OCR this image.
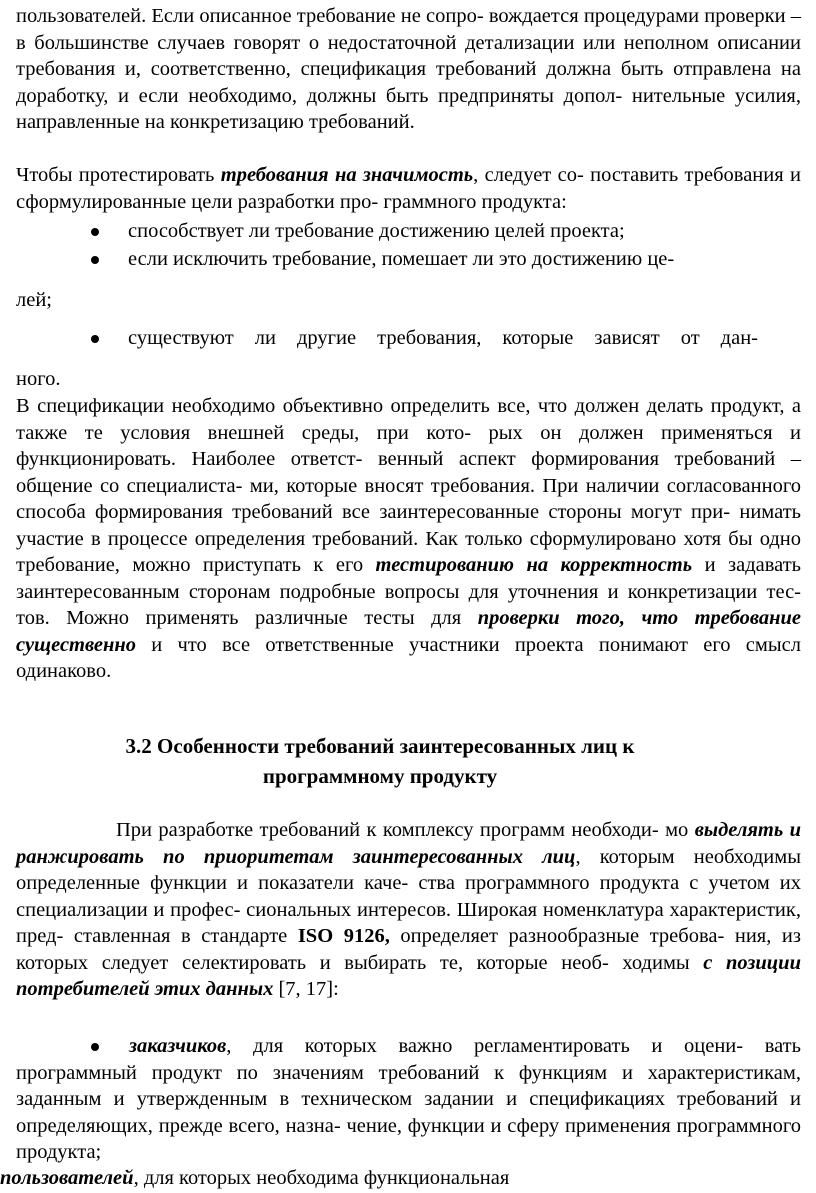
пользователей. Если описанное требование не сопро- вождается процедурами проверки – в большинстве случаев говорят о недостаточной детализации или неполном описании требования и, соответственно, спецификация требований должна быть отправлена на доработку, и если необходимо, должны быть предприняты допол- нительные усилия, направленные на конкретизацию требований.

Чтобы протестировать требования на значимость, следует со- поставить требования и сформулированные цели разработки про- граммного продукта:

способствует ли требование достижению целей проекта;
если исключить требование, помешает ли это достижению це-
лей;
существуют ли другие требования, которые зависят от дан-
ного.

В спецификации необходимо объективно определить все, что должен делать продукт, а также те условия внешней среды, при кото- рых он должен применяться и функционировать. Наиболее ответст- венный аспект формирования требований – общение со специалиста- ми, которые вносят требования. При наличии согласованного способа формирования требований все заинтересованные стороны могут при- нимать участие в процессе определения требований. Как только сформулировано хотя бы одно требование, можно приступать к его тестированию на корректность и задавать заинтересованным сторонам подробные вопросы для уточнения и конкретизации тес- тов. Можно применять различные тесты для проверки того, что требование существенно и что все ответственные участники проекта понимают его смысл одинаково.

3.2 Особенности требований заинтересованных лиц к

программному продукту

При разработке требований к комплексу программ необходи- мо выделять и ранжировать по приоритетам заинтересованных лиц, которым необходимы определенные функции и показатели каче- ства программного продукта с учетом их специализации и профес- сиональных интересов. Широкая номенклатура характеристик, пред- ставленная в стандарте ISO 9126, определяет разнообразные требова- ния, из которых следует селектировать и выбирать те, которые необ- ходимы с позиции потребителей этих данных [7, 17]:

заказчиков, для которых важно регламентировать и оцени- вать программный продукт по значениям требований к функциям и характеристикам, заданным и утвержденным в техническом задании и спецификациях требований и определяющих, прежде всего, назна- чение, функции и сферу применения программного продукта;

пользователей, для которых необходима функциональная
